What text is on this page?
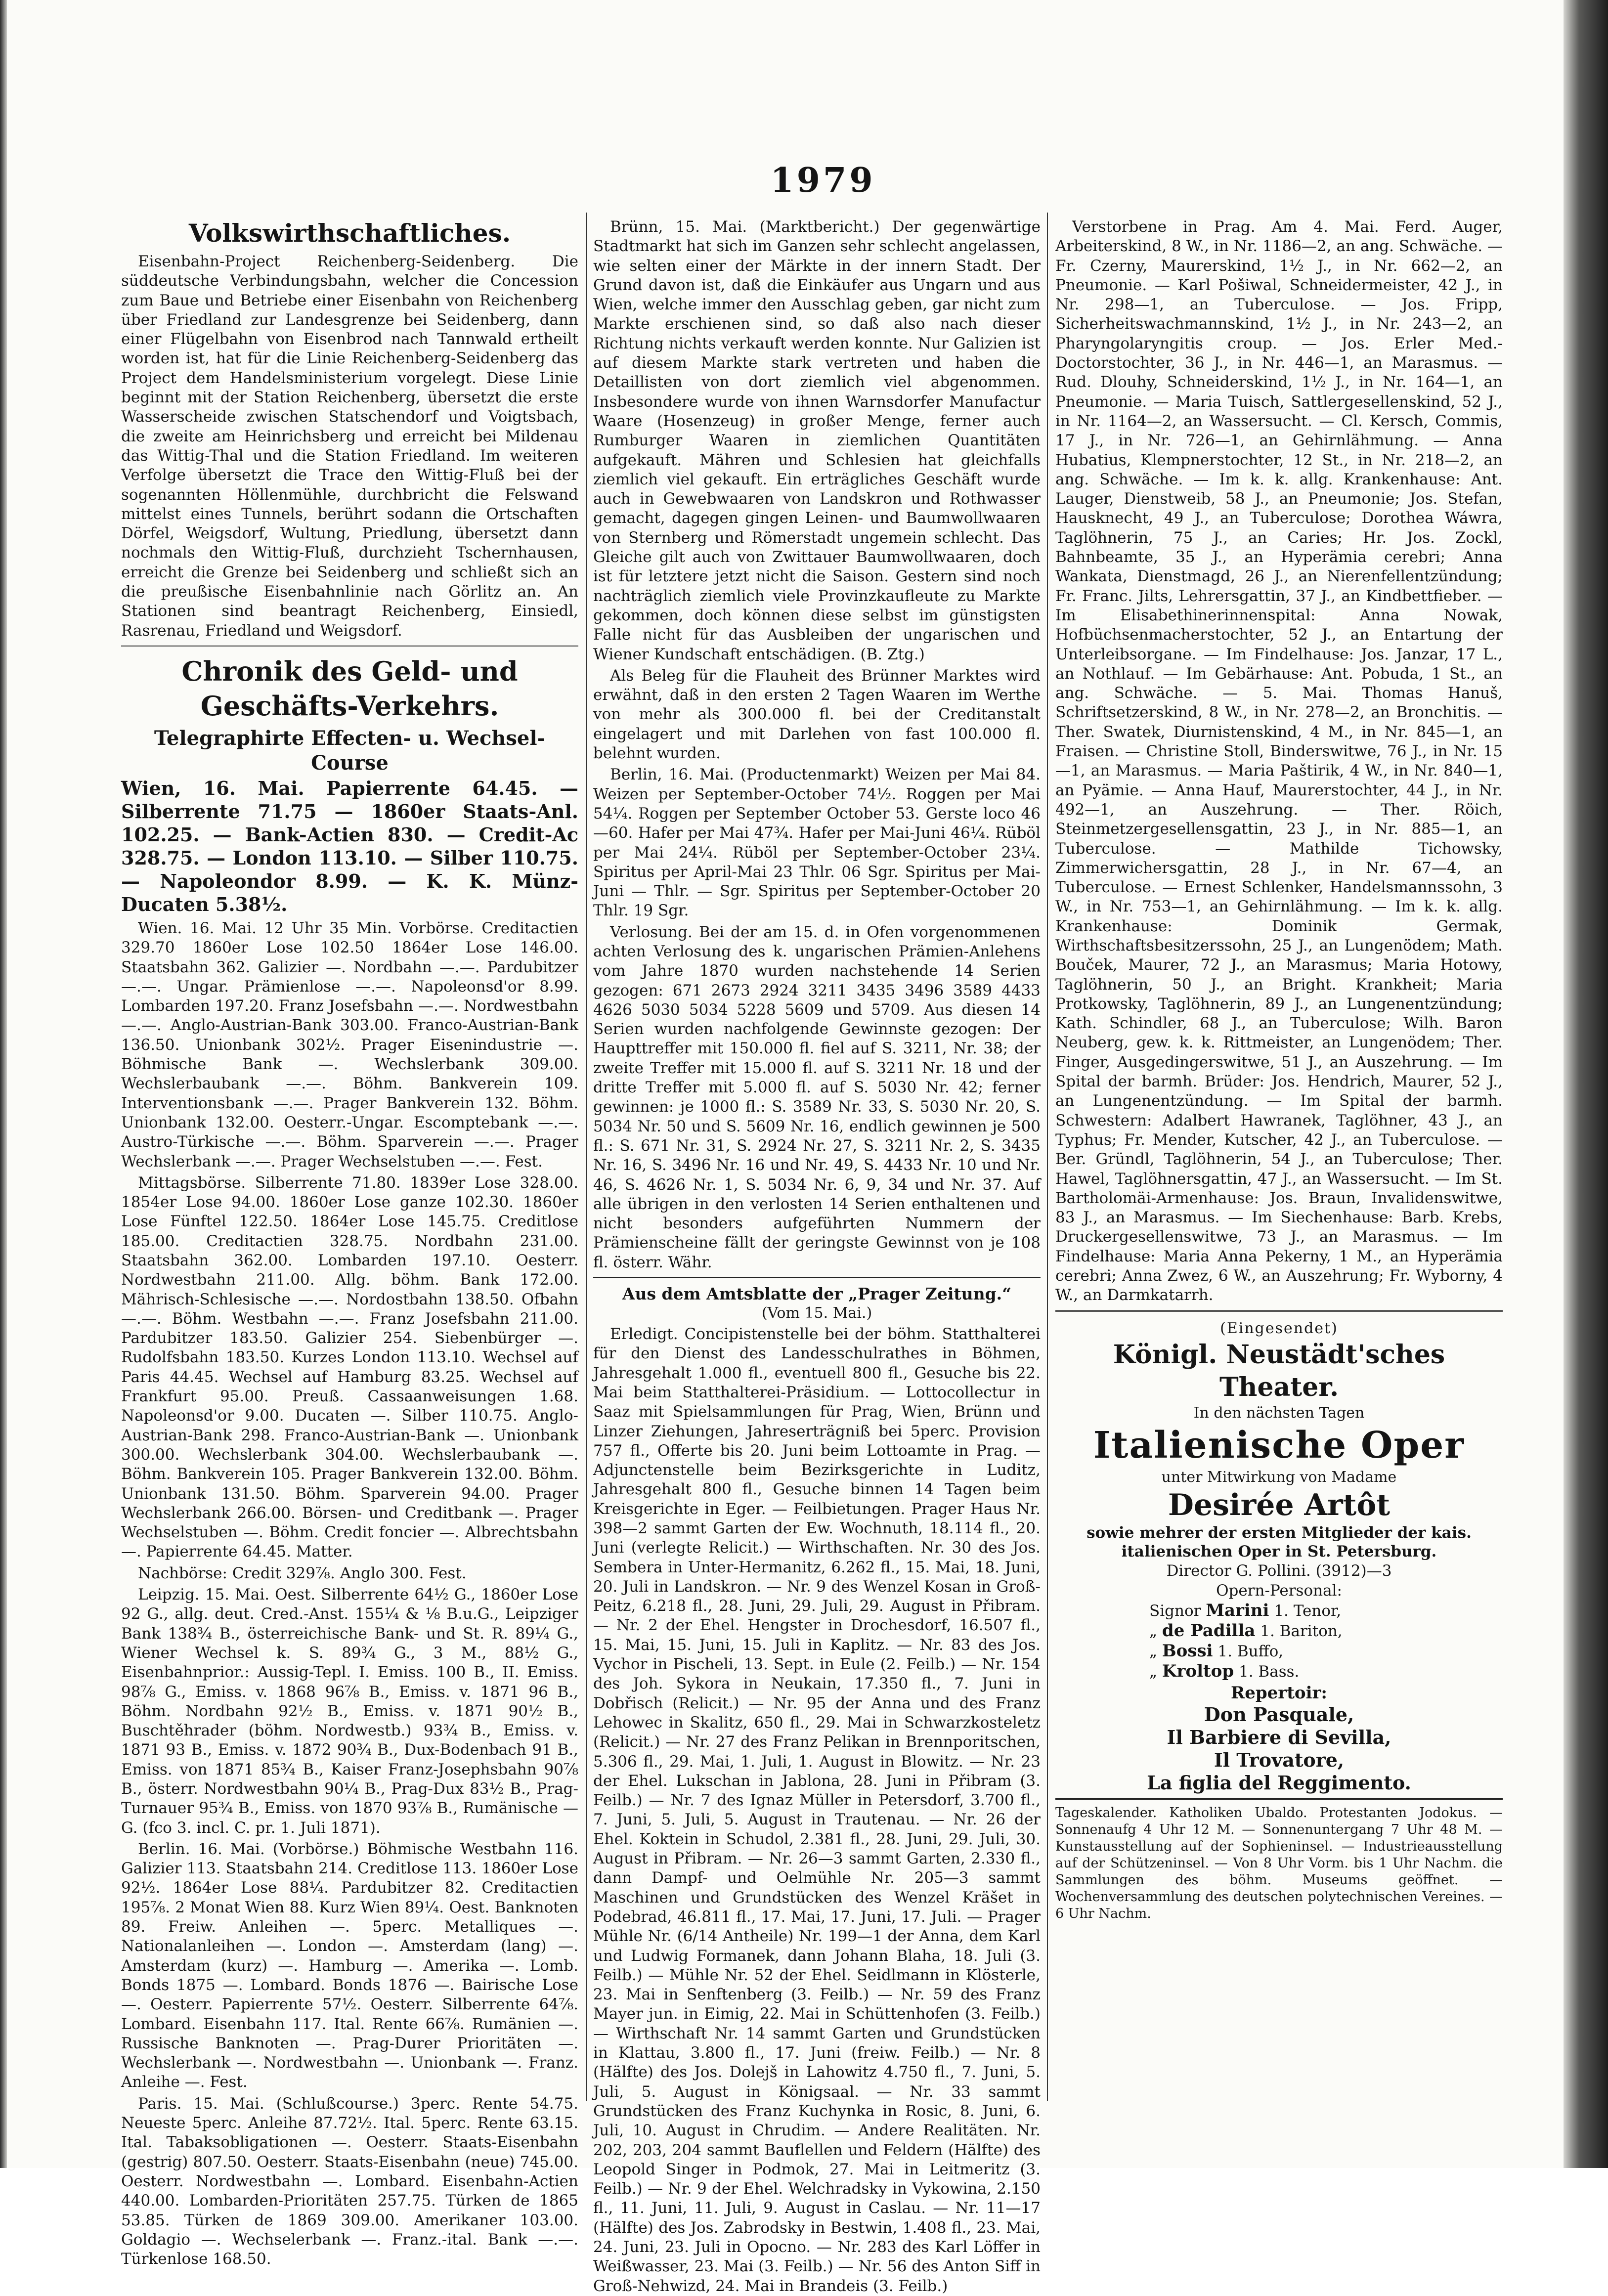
1979
Volkswirthschaftliches.

Eisenbahn-Project Reichenberg-Seidenberg. Die süddeutsche Verbindungsbahn, welcher die Concession zum Baue und Betriebe einer Eisenbahn von Reichenberg über Friedland zur Landesgrenze bei Seidenberg, dann einer Flügelbahn von Eisenbrod nach Tannwald ertheilt worden ist, hat für die Linie Reichenberg-Seidenberg das Project dem Handelsministerium vorgelegt. Diese Linie beginnt mit der Station Reichenberg, übersetzt die erste Wasserscheide zwischen Statschendorf und Voigtsbach, die zweite am Heinrichsberg und erreicht bei Mildenau das Wittig-Thal und die Station Friedland. Im weiteren Verfolge übersetzt die Trace den Wittig-Fluß bei der sogenannten Höllenmühle, durchbricht die Felswand mittelst eines Tunnels, berührt sodann die Ortschaften Dörfel, Weigsdorf, Wultung, Priedlung, übersetzt dann nochmals den Wittig-Fluß, durchzieht Tschernhausen, erreicht die Grenze bei Seidenberg und schließt sich an die preußische Eisenbahnlinie nach Görlitz an. An Stationen sind beantragt Reichenberg, Einsiedl, Rasrenau, Friedland und Weigsdorf.

Chronik des Geld- und Geschäfts-Verkehrs.
Telegraphirte Effecten- u. Wechsel-Course
Wien, 16. Mai. Papierrente 64.45. — Silberrente 71.75 — 1860er Staats-Anl. 102.25. — Bank-Actien 830. — Credit-Ac 328.75. — London 113.10. — Silber 110.75. — Napoleondor 8.99. — K. K. Münz-Ducaten 5.38½.

Wien. 16. Mai. 12 Uhr 35 Min. Vorbörse. Creditactien 329.70 1860er Lose 102.50 1864er Lose 146.00. Staatsbahn 362. Galizier —. Nordbahn —.—. Pardubitzer —.—. Ungar. Prämienlose —.—. Napoleonsd'or 8.99. Lombarden 197.20. Franz Josefsbahn —.—. Nordwestbahn —.—. Anglo-Austrian-Bank 303.00. Franco-Austrian-Bank 136.50. Unionbank 302½. Prager Eisenindustrie —. Böhmische Bank —. Wechslerbank 309.00. Wechslerbaubank —.—. Böhm. Bankverein 109. Interventionsbank —.—. Prager Bankverein 132. Böhm. Unionbank 132.00. Oesterr.-Ungar. Escomptebank —.—. Austro-Türkische —.—. Böhm. Sparverein —.—. Prager Wechslerbank —.—. Prager Wechselstuben —.—. Fest.

Mittagsbörse. Silberrente 71.80. 1839er Lose 328.00. 1854er Lose 94.00. 1860er Lose ganze 102.30. 1860er Lose Fünftel 122.50. 1864er Lose 145.75. Creditlose 185.00. Creditactien 328.75. Nordbahn 231.00. Staatsbahn 362.00. Lombarden 197.10. Oesterr. Nordwestbahn 211.00. Allg. böhm. Bank 172.00. Mährisch-Schlesische —.—. Nordostbahn 138.50. Ofbahn —.—. Böhm. Westbahn —.—. Franz Josefsbahn 211.00. Pardubitzer 183.50. Galizier 254. Siebenbürger —. Rudolfsbahn 183.50. Kurzes London 113.10. Wechsel auf Paris 44.45. Wechsel auf Hamburg 83.25. Wechsel auf Frankfurt 95.00. Preuß. Cassaanweisungen 1.68. Napoleonsd'or 9.00. Ducaten —. Silber 110.75. Anglo-Austrian-Bank 298. Franco-Austrian-Bank —. Unionbank 300.00. Wechslerbank 304.00. Wechslerbaubank —. Böhm. Bankverein 105. Prager Bankverein 132.00. Böhm. Unionbank 131.50. Böhm. Sparverein 94.00. Prager Wechslerbank 266.00. Börsen- und Creditbank —. Prager Wechselstuben —. Böhm. Credit foncier —. Albrechtsbahn —. Papierrente 64.45. Matter.

Nachbörse: Credit 329⅞. Anglo 300. Fest.

Leipzig. 15. Mai. Oest. Silberrente 64½ G., 1860er Lose 92 G., allg. deut. Cred.-Anst. 155¼ & ⅛ B.u.G., Leipziger Bank 138¾ B., österreichische Bank- und St. R. 89¼ G., Wiener Wechsel k. S. 89¾ G., 3 M., 88½ G., Eisenbahnprior.: Aussig-Tepl. I. Emiss. 100 B., II. Emiss. 98⅞ G., Emiss. v. 1868 96⅞ B., Emiss. v. 1871 96 B., Böhm. Nordbahn 92½ B., Emiss. v. 1871 90½ B., Buschtěhrader (böhm. Nordwestb.) 93¾ B., Emiss. v. 1871 93 B., Emiss. v. 1872 90¾ B., Dux-Bodenbach 91 B., Emiss. von 1871 85¾ B., Kaiser Franz-Josephsbahn 90⅞ B., österr. Nordwestbahn 90¼ B., Prag-Dux 83½ B., Prag-Turnauer 95¾ B., Emiss. von 1870 93⅞ B., Rumänische — G. (fco 3. incl. C. pr. 1. Juli 1871).

Berlin. 16. Mai. (Vorbörse.) Böhmische Westbahn 116. Galizier 113. Staatsbahn 214. Creditlose 113. 1860er Lose 92½. 1864er Lose 88¼. Pardubitzer 82. Creditactien 195⅞. 2 Monat Wien 88. Kurz Wien 89¼. Oest. Banknoten 89. Freiw. Anleihen —. 5perc. Metalliques —. Nationalanleihen —. London —. Amsterdam (lang) —. Amsterdam (kurz) —. Hamburg —. Amerika —. Lomb. Bonds 1875 —. Lombard. Bonds 1876 —. Bairische Lose —. Oesterr. Papierrente 57½. Oesterr. Silberrente 64⅞. Lombard. Eisenbahn 117. Ital. Rente 66⅞. Rumänien —. Russische Banknoten —. Prag-Durer Prioritäten —. Wechslerbank —. Nordwestbahn —. Unionbank —. Franz. Anleihe —. Fest.

Paris. 15. Mai. (Schlußcourse.) 3perc. Rente 54.75. Neueste 5perc. Anleihe 87.72½. Ital. 5perc. Rente 63.15. Ital. Tabaksobligationen —. Oesterr. Staats-Eisenbahn (gestrig) 807.50. Oesterr. Staats-Eisenbahn (neue) 745.00. Oesterr. Nordwestbahn —. Lombard. Eisenbahn-Actien 440.00. Lombarden-Prioritäten 257.75. Türken de 1865 53.85. Türken de 1869 309.00. Amerikaner 103.00. Goldagio —. Wechselerbank —. Franz.-ital. Bank —.—. Türkenlose 168.50.

Brünn, 15. Mai. (Marktbericht.) Der gegenwärtige Stadtmarkt hat sich im Ganzen sehr schlecht angelassen, wie selten einer der Märkte in der innern Stadt. Der Grund davon ist, daß die Einkäufer aus Ungarn und aus Wien, welche immer den Ausschlag geben, gar nicht zum Markte erschienen sind, so daß also nach dieser Richtung nichts verkauft werden konnte. Nur Galizien ist auf diesem Markte stark vertreten und haben die Detaillisten von dort ziemlich viel abgenommen. Insbesondere wurde von ihnen Warnsdorfer Manufactur Waare (Hosenzeug) in großer Menge, ferner auch Rumburger Waaren in ziemlichen Quantitäten aufgekauft. Mähren und Schlesien hat gleichfalls ziemlich viel gekauft. Ein erträgliches Geschäft wurde auch in Gewebwaaren von Landskron und Rothwasser gemacht, dagegen gingen Leinen- und Baumwollwaaren von Sternberg und Römerstadt ungemein schlecht. Das Gleiche gilt auch von Zwittauer Baumwollwaaren, doch ist für letztere jetzt nicht die Saison. Gestern sind noch nachträglich ziemlich viele Provinzkaufleute zu Markte gekommen, doch können diese selbst im günstigsten Falle nicht für das Ausbleiben der ungarischen und Wiener Kundschaft entschädigen. (B. Ztg.)

Als Beleg für die Flauheit des Brünner Marktes wird erwähnt, daß in den ersten 2 Tagen Waaren im Werthe von mehr als 300.000 fl. bei der Creditanstalt eingelagert und mit Darlehen von fast 100.000 fl. belehnt wurden.

Berlin, 16. Mai. (Productenmarkt) Weizen per Mai 84. Weizen per September-October 74½. Roggen per Mai 54¼. Roggen per September October 53. Gerste loco 46—60. Hafer per Mai 47¾. Hafer per Mai-Juni 46¼. Rüböl per Mai 24¼. Rüböl per September-October 23¼. Spiritus per April-Mai 23 Thlr. 06 Sgr. Spiritus per Mai-Juni — Thlr. — Sgr. Spiritus per September-October 20 Thlr. 19 Sgr.

Verlosung. Bei der am 15. d. in Ofen vorgenommenen achten Verlosung des k. ungarischen Prämien-Anlehens vom Jahre 1870 wurden nachstehende 14 Serien gezogen: 671 2673 2924 3211 3435 3496 3589 4433 4626 5030 5034 5228 5609 und 5709. Aus diesen 14 Serien wurden nachfolgende Gewinnste gezogen: Der Haupttreffer mit 150.000 fl. fiel auf S. 3211, Nr. 38; der zweite Treffer mit 15.000 fl. auf S. 3211 Nr. 18 und der dritte Treffer mit 5.000 fl. auf S. 5030 Nr. 42; ferner gewinnen: je 1000 fl.: S. 3589 Nr. 33, S. 5030 Nr. 20, S. 5034 Nr. 50 und S. 5609 Nr. 16, endlich gewinnen je 500 fl.: S. 671 Nr. 31, S. 2924 Nr. 27, S. 3211 Nr. 2, S. 3435 Nr. 16, S. 3496 Nr. 16 und Nr. 49, S. 4433 Nr. 10 und Nr. 46, S. 4626 Nr. 1, S. 5034 Nr. 6, 9, 34 und Nr. 37. Auf alle übrigen in den verlosten 14 Serien enthaltenen und nicht besonders aufgeführten Nummern der Prämienscheine fällt der geringste Gewinnst von je 108 fl. österr. Währ.

Aus dem Amtsblatte der „Prager Zeitung.“
(Vom 15. Mai.)

Erledigt. Concipistenstelle bei der böhm. Statthalterei für den Dienst des Landesschulrathes in Böhmen, Jahresgehalt 1.000 fl., eventuell 800 fl., Gesuche bis 22. Mai beim Statthalterei-Präsidium. — Lottocollectur in Saaz mit Spielsammlungen für Prag, Wien, Brünn und Linzer Ziehungen, Jahreserträgniß bei 5perc. Provision 757 fl., Offerte bis 20. Juni beim Lottoamte in Prag. — Adjunctenstelle beim Bezirksgerichte in Luditz, Jahresgehalt 800 fl., Gesuche binnen 14 Tagen beim Kreisgerichte in Eger. — Feilbietungen. Prager Haus Nr. 398—2 sammt Garten der Ew. Wochnuth, 18.114 fl., 20. Juni (verlegte Relicit.) — Wirthschaften. Nr. 30 des Jos. Sembera in Unter-Hermanitz, 6.262 fl., 15. Mai, 18. Juni, 20. Juli in Landskron. — Nr. 9 des Wenzel Kosan in Groß-Peitz, 6.218 fl., 28. Juni, 29. Juli, 29. August in Přibram. — Nr. 2 der Ehel. Hengster in Drochesdorf, 16.507 fl., 15. Mai, 15. Juni, 15. Juli in Kaplitz. — Nr. 83 des Jos. Vychor in Pischeli, 13. Sept. in Eule (2. Feilb.) — Nr. 154 des Joh. Sykora in Neukain, 17.350 fl., 7. Juni in Dobřisch (Relicit.) — Nr. 95 der Anna und des Franz Lehowec in Skalitz, 650 fl., 29. Mai in Schwarzkosteletz (Relicit.) — Nr. 27 des Franz Pelikan in Brennporitschen, 5.306 fl., 29. Mai, 1. Juli, 1. August in Blowitz. — Nr. 23 der Ehel. Lukschan in Jablona, 28. Juni in Přibram (3. Feilb.) — Nr. 7 des Ignaz Müller in Petersdorf, 3.700 fl., 7. Juni, 5. Juli, 5. August in Trautenau. — Nr. 26 der Ehel. Koktein in Schudol, 2.381 fl., 28. Juni, 29. Juli, 30. August in Přibram. — Nr. 26—3 sammt Garten, 2.330 fl., dann Dampf- und Oelmühle Nr. 205—3 sammt Maschinen und Grundstücken des Wenzel Kräšet in Podebrad, 46.811 fl., 17. Mai, 17. Juni, 17. Juli. — Prager Mühle Nr. (6/14 Antheile) Nr. 199—1 der Anna, dem Karl und Ludwig Formanek, dann Johann Blaha, 18. Juli (3. Feilb.) — Mühle Nr. 52 der Ehel. Seidlmann in Klösterle, 23. Mai in Senftenberg (3. Feilb.) — Nr. 59 des Franz Mayer jun. in Eimig, 22. Mai in Schüttenhofen (3. Feilb.) — Wirthschaft Nr. 14 sammt Garten und Grundstücken in Klattau, 3.800 fl., 17. Juni (freiw. Feilb.) — Nr. 8 (Hälfte) des Jos. Dolejš in Lahowitz 4.750 fl., 7. Juni, 5. Juli, 5. August in Königsaal. — Nr. 33 sammt Grundstücken des Franz Kuchynka in Rosic, 8. Juni, 6. Juli, 10. August in Chrudim. — Andere Realitäten. Nr. 202, 203, 204 sammt Bauflellen und Feldern (Hälfte) des Leopold Singer in Podmok, 27. Mai in Leitmeritz (3. Feilb.) — Nr. 9 der Ehel. Welchradsky in Vykowina, 2.150 fl., 11. Juni, 11. Juli, 9. August in Caslau. — Nr. 11—17 (Hälfte) des Jos. Zabrodsky in Bestwin, 1.408 fl., 23. Mai, 24. Juni, 23. Juli in Opocno. — Nr. 283 des Karl Löffer in Weißwasser, 23. Mai (3. Feilb.) — Nr. 56 des Anton Siff in Groß-Nehwizd, 24. Mai in Brandeis (3. Feilb.)

Verstorbene in Prag. Am 4. Mai. Ferd. Auger, Arbeiterskind, 8 W., in Nr. 1186—2, an ang. Schwäche. — Fr. Czerny, Maurerskind, 1½ J., in Nr. 662—2, an Pneumonie. — Karl Pošiwal, Schneidermeister, 42 J., in Nr. 298—1, an Tuberculose. — Jos. Fripp, Sicherheitswachmannskind, 1½ J., in Nr. 243—2, an Pharyngolaryngitis croup. — Jos. Erler Med.-Doctorstochter, 36 J., in Nr. 446—1, an Marasmus. — Rud. Dlouhy, Schneiderskind, 1½ J., in Nr. 164—1, an Pneumonie. — Maria Tuisch, Sattlergesellenskind, 52 J., in Nr. 1164—2, an Wassersucht. — Cl. Kersch, Commis, 17 J., in Nr. 726—1, an Gehirnlähmung. — Anna Hubatius, Klempnerstochter, 12 St., in Nr. 218—2, an ang. Schwäche. — Im k. k. allg. Krankenhause: Ant. Lauger, Dienstweib, 58 J., an Pneumonie; Jos. Stefan, Hausknecht, 49 J., an Tuberculose; Dorothea Wáwra, Taglöhnerin, 75 J., an Caries; Hr. Jos. Zockl, Bahnbeamte, 35 J., an Hyperämia cerebri; Anna Wankata, Dienstmagd, 26 J., an Nierenfellentzündung; Fr. Franc. Jilts, Lehrersgattin, 37 J., an Kindbettfieber. — Im Elisabethinerinnenspital: Anna Nowak, Hofbüchsenmacherstochter, 52 J., an Entartung der Unterleibsorgane. — Im Findelhause: Jos. Janzar, 17 L., an Nothlauf. — Im Gebärhause: Ant. Pobuda, 1 St., an ang. Schwäche. — 5. Mai. Thomas Hanuš, Schriftsetzerskind, 8 W., in Nr. 278—2, an Bronchitis. — Ther. Swatek, Diurnistenskind, 4 M., in Nr. 845—1, an Fraisen. — Christine Stoll, Binderswitwe, 76 J., in Nr. 15—1, an Marasmus. — Maria Paštirik, 4 W., in Nr. 840—1, an Pyämie. — Anna Hauf, Maurerstochter, 44 J., in Nr. 492—1, an Auszehrung. — Ther. Röich, Steinmetzergesellensgattin, 23 J., in Nr. 885—1, an Tuberculose. — Mathilde Tichowsky, Zimmerwichersgattin, 28 J., in Nr. 67—4, an Tuberculose. — Ernest Schlenker, Handelsmannssohn, 3 W., in Nr. 753—1, an Gehirnlähmung. — Im k. k. allg. Krankenhause: Dominik Germak, Wirthschaftsbesitzerssohn, 25 J., an Lungenödem; Math. Bouček, Maurer, 72 J., an Marasmus; Maria Hotowy, Taglöhnerin, 50 J., an Bright. Krankheit; Maria Protkowsky, Taglöhnerin, 89 J., an Lungenentzündung; Kath. Schindler, 68 J., an Tuberculose; Wilh. Baron Neuberg, gew. k. k. Rittmeister, an Lungenödem; Ther. Finger, Ausgedingerswitwe, 51 J., an Auszehrung. — Im Spital der barmh. Brüder: Jos. Hendrich, Maurer, 52 J., an Lungenentzündung. — Im Spital der barmh. Schwestern: Adalbert Hawranek, Taglöhner, 43 J., an Typhus; Fr. Mender, Kutscher, 42 J., an Tuberculose. — Ber. Gründl, Taglöhnerin, 54 J., an Tuberculose; Ther. Hawel, Taglöhnersgattin, 47 J., an Wassersucht. — Im St. Bartholomäi-Armenhause: Jos. Braun, Invalidenswitwe, 83 J., an Marasmus. — Im Siechenhause: Barb. Krebs, Druckergesellenswitwe, 73 J., an Marasmus. — Im Findelhause: Maria Anna Pekerny, 1 M., an Hyperämia cerebri; Anna Zwez, 6 W., an Auszehrung; Fr. Wyborny, 4 W., an Darmkatarrh.

(Eingesendet)
Königl. Neustädt'sches Theater.
In den nächsten Tagen
Italienische Oper
unter Mitwirkung von Madame
Desirée Artôt
sowie mehrer der ersten Mitglieder der kais. italienischen Oper in St. Petersburg.
Director G. Pollini. (3912)—3
Opern-Personal:
Signor Marini 1. Tenor,
„ de Padilla 1. Bariton,
„ Bossi 1. Buffo,
„ Kroltop 1. Bass.
Repertoir:
Don Pasquale,
Il Barbiere di Sevilla,
Il Trovatore,
La figlia del Reggimento.
Tageskalender. Katholiken Ubaldo. Protestanten Jodokus. — Sonnenaufg 4 Uhr 12 M. — Sonnenuntergang 7 Uhr 48 M. — Kunstausstellung auf der Sophieninsel. — Industrieausstellung auf der Schützeninsel. — Von 8 Uhr Vorm. bis 1 Uhr Nachm. die Sammlungen des böhm. Museums geöffnet. — Wochenversammlung des deutschen polytechnischen Vereines. — 6 Uhr Nachm.
